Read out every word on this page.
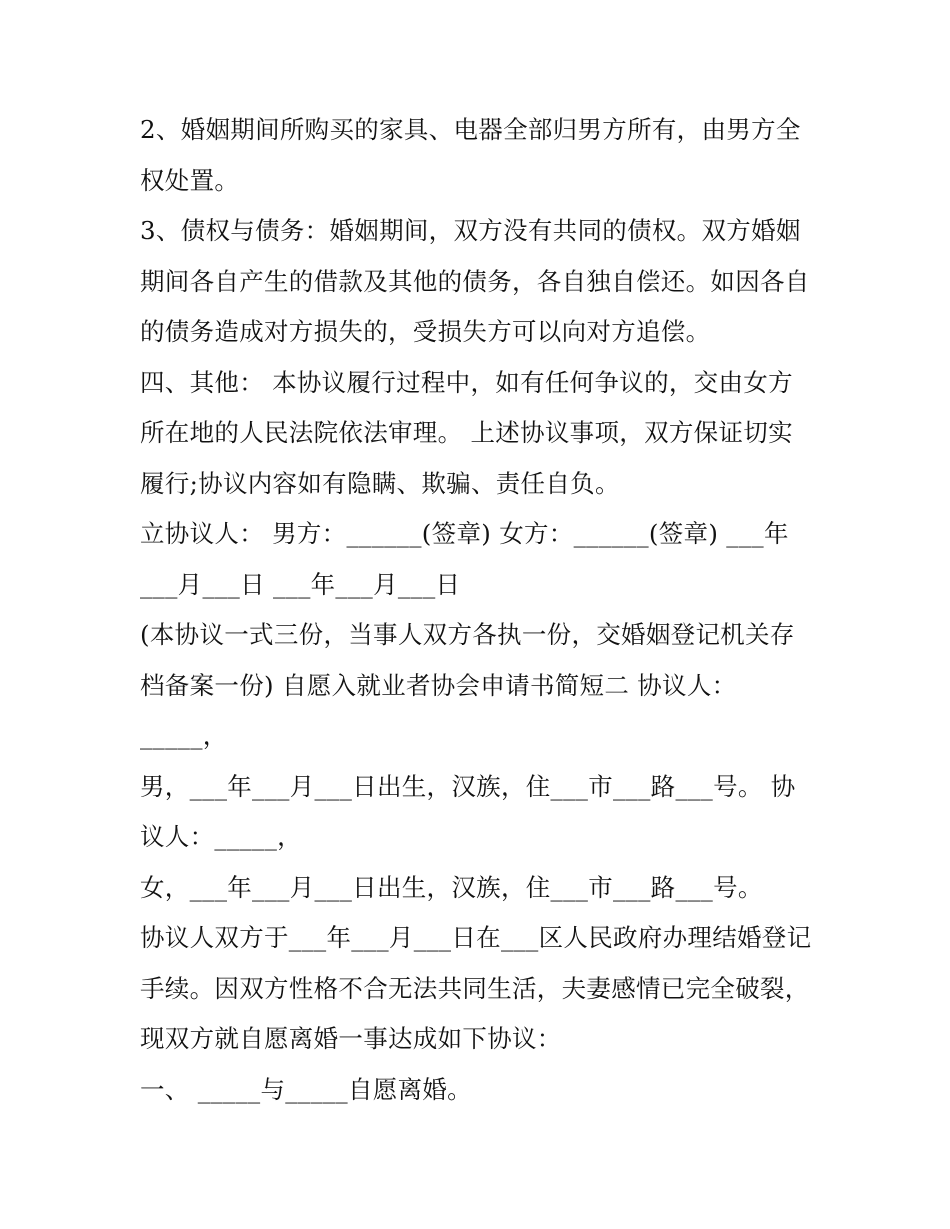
2、婚姻期间所购买的家具、电器全部归男方所有，由男方全
权处置。
3、债权与债务：婚姻期间，双方没有共同的债权。双方婚姻
期间各自产生的借款及其他的债务，各自独自偿还。如因各自
的债务造成对方损失的，受损失方可以向对方追偿。
四、其他： 本协议履行过程中，如有任何争议的，交由女方
所在地的人民法院依法审理。 上述协议事项，双方保证切实
履行;协议内容如有隐瞒、欺骗、责任自负。
立协议人： 男方：______(签章) 女方：______(签章) ___年
___月___日 ___年___月___日
(本协议一式三份，当事人双方各执一份，交婚姻登记机关存
档备案一份) 自愿入就业者协会申请书简短二 协议人：
_____，
男，___年___月___日出生，汉族，住___市___路___号。 协
议人：_____，
女，___年___月___日出生，汉族，住___市___路___号。
协议人双方于___年___月___日在___区人民政府办理结婚登记
手续。因双方性格不合无法共同生活，夫妻感情已完全破裂，
现双方就自愿离婚一事达成如下协议：
一、 _____与_____自愿离婚。
